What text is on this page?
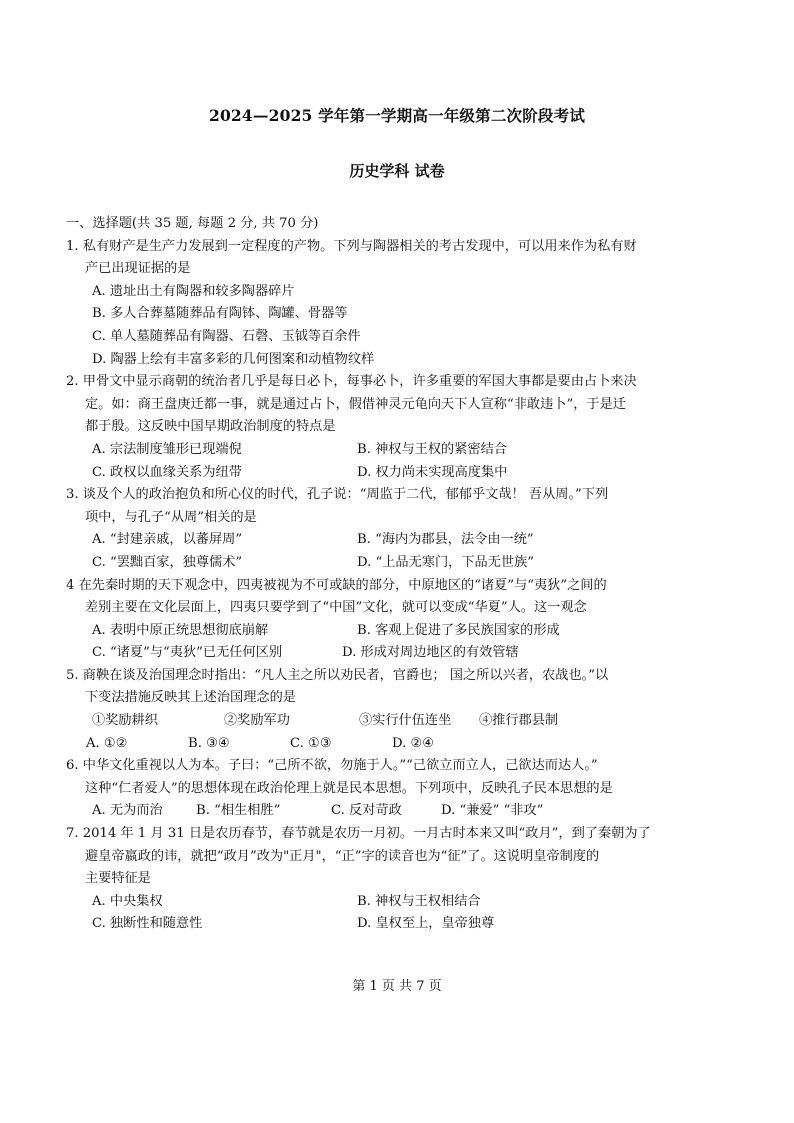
2024—2025 学年第一学期高一年级第二次阶段考试
历史学科 试卷
一、选择题(共 35 题, 每题 2 分, 共 70 分)
1. 私有财产是生产力发展到一定程度的产物。下列与陶器相关的考古发现中，可以用来作为私有财
产已出现证据的是
A. 遗址出土有陶器和较多陶器碎片
B. 多人合葬墓随葬品有陶钵、陶罐、骨器等
C. 单人墓随葬品有陶器、石磬、玉钺等百余件
D. 陶器上绘有丰富多彩的几何图案和动植物纹样
2. 甲骨文中显示商朝的统治者几乎是每日必卜，每事必卜，许多重要的军国大事都是要由占卜来决
定。如：商王盘庚迁都一事，就是通过占卜，假借神灵元龟向天下人宣称“非敢违卜”，于是迁
都于殷。这反映中国早期政治制度的特点是
A. 宗法制度雏形已现端倪	B. 神权与王权的紧密结合
C. 政权以血缘关系为纽带	D. 权力尚未实现高度集中
3. 谈及个人的政治抱负和所心仪的时代，孔子说：“周监于二代，郁郁乎文哉！ 吾从周。”下列
项中，与孔子“从周”相关的是
A. “封建亲戚，以蕃屏周”	B. “海内为郡县，法令由一统”
C. “罢黜百家，独尊儒术”	D. “上品无寒门，下品无世族”
4 在先秦时期的天下观念中，四夷被视为不可或缺的部分，中原地区的“诸夏”与“夷狄”之间的
差别主要在文化层面上，四夷只要学到了“中国”文化，就可以变成“华夏”人。这一观念
A. 表明中原正统思想彻底崩解	B. 客观上促进了多民族国家的形成
C. “诸夏”与“夷狄”已无任何区别	D. 形成对周边地区的有效管辖
5. 商鞅在谈及治国理念时指出：“凡人主之所以劝民者，官爵也； 国之所以兴者，农战也。”以
下变法措施反映其上述治国理念的是
①奖励耕织	②奖励军功	③实行什伍连坐	④推行郡县制
A. ①②	B. ③④	C. ①③	D. ②④
6. 中华文化重视以人为本。子曰：“己所不欲，勿施于人。”“己欲立而立人，己欲达而达人。”
这种“仁者爱人”的思想体现在政治伦理上就是民本思想。下列项中，反映孔子民本思想的是
A. 无为而治	B. “相生相胜”	C. 反对苛政	D. “兼爱” “非攻”
7. 2014 年 1 月 31 日是农历春节，春节就是农历一月初。一月古时本来又叫“政月”，到了秦朝为了
避皇帝嬴政的讳，就把“政月”改为"正月"，“正”字的读音也为“征”了。这说明皇帝制度的
主要特征是
A. 中央集权	B. 神权与王权相结合
C. 独断性和随意性	D. 皇权至上，皇帝独尊
第 1 页 共 7 页
